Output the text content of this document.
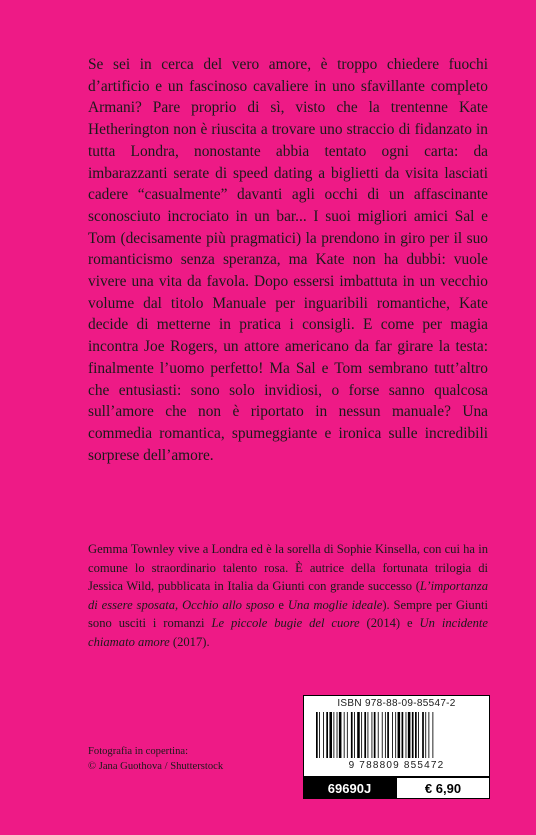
Se sei in cerca del vero amore, è troppo chiedere fuochi d’artificio e un fascinoso cavaliere in uno sfavillante completo Armani? Pare proprio di sì, visto che la trentenne Kate Hetherington non è riuscita a trovare uno straccio di fidanzato in tutta Londra, nonostante abbia tentato ogni carta: da imbarazzanti serate di speed dating a biglietti da visita lasciati cadere “casualmente” davanti agli occhi di un affascinante sconosciuto incrociato in un bar... I suoi migliori amici Sal e Tom (decisamente più pragmatici) la prendono in giro per il suo romanticismo senza speranza, ma Kate non ha dubbi: vuole vivere una vita da favola. Dopo essersi imbattuta in un vecchio volume dal titolo Manuale per inguaribili romantiche, Kate decide di metterne in pratica i consigli. E come per magia incontra Joe Rogers, un attore americano da far girare la testa: finalmente l’uomo perfetto! Ma Sal e Tom sembrano tutt’altro che entusiasti: sono solo invidiosi, o forse sanno qualcosa sull’amore che non è riportato in nessun manuale? Una commedia romantica, spumeggiante e ironica sulle incredibili sorprese dell’amore.

Gemma Townley vive a Londra ed è la sorella di Sophie Kinsella, con cui ha in comune lo straordinario talento rosa. È autrice della fortunata trilogia di Jessica Wild, pubblicata in Italia da Giunti con grande successo (L’importanza di essere sposata, Occhio allo sposo e Una moglie ideale). Sempre per Giunti sono usciti i romanzi Le piccole bugie del cuore (2014) e Un incidente chiamato amore (2017).
Fotografia in copertina:
© Jana Guothova / Shutterstock
ISBN 978-88-09-85547-2
9 788809 855472
69690J	€ 6,90
